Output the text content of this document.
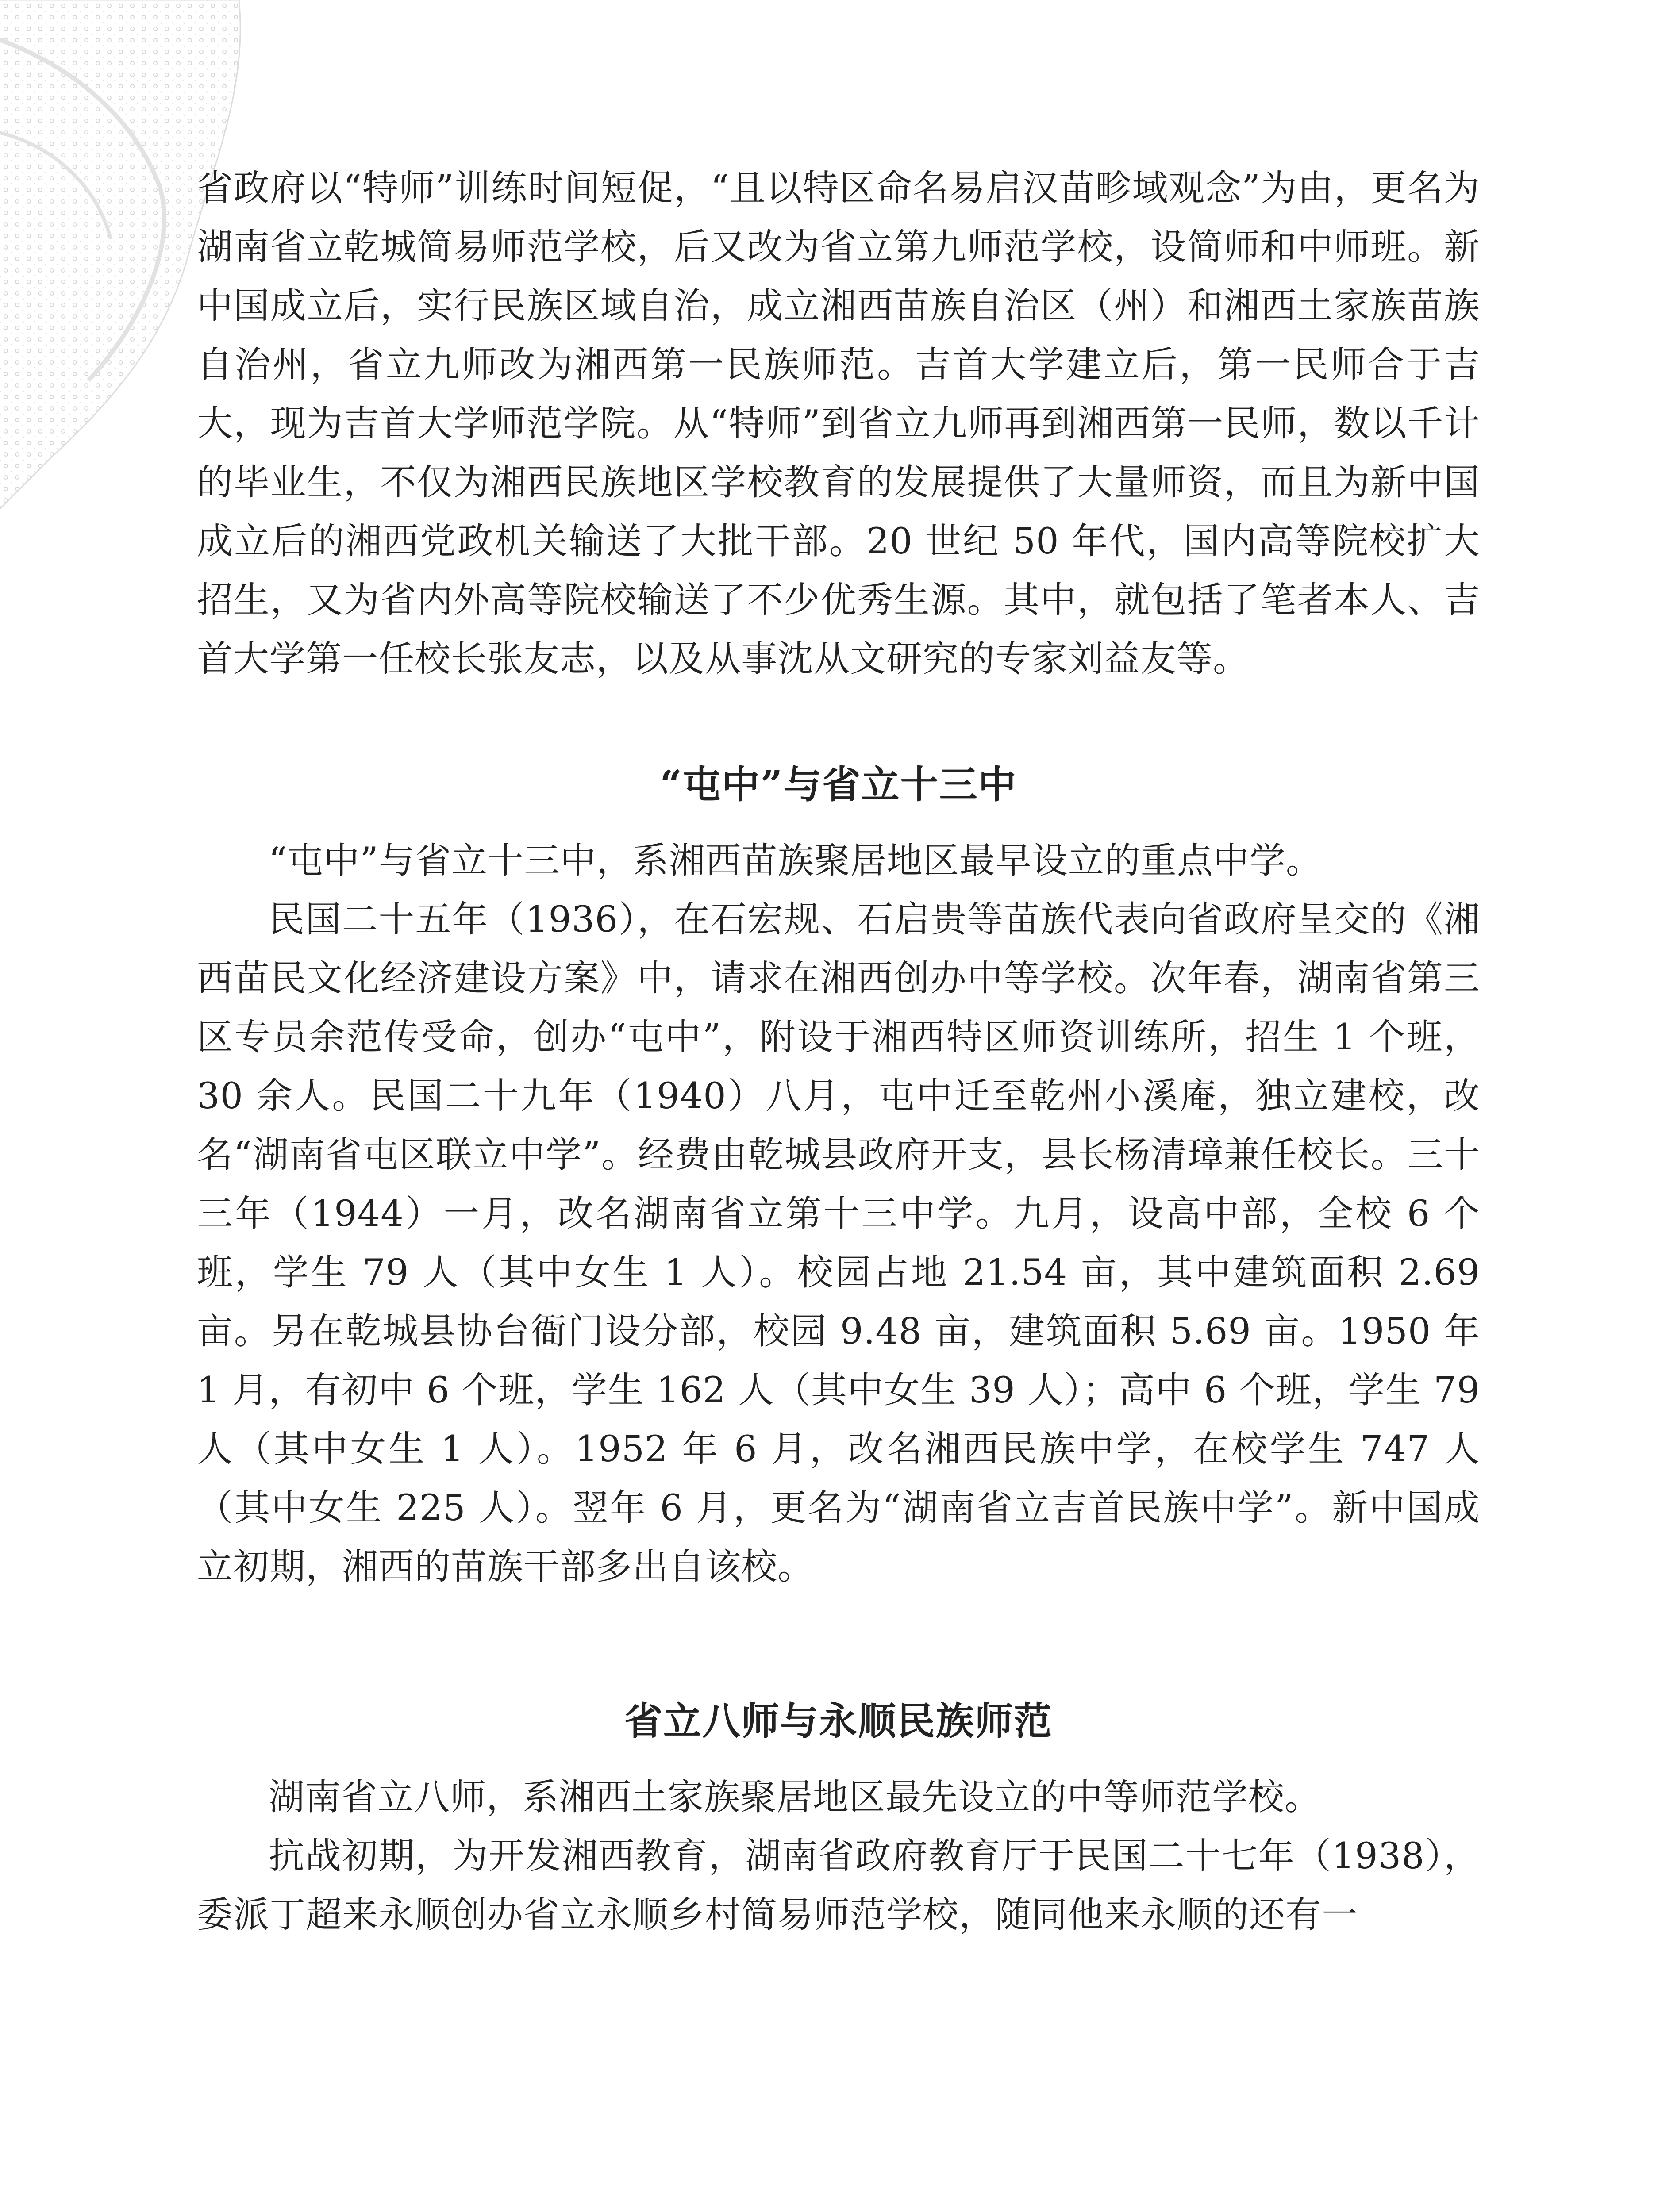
省政府以“特师”训练时间短促，“且以特区命名易启汉苗畛域观念”为由，更名为湖南省立乾城简易师范学校，后又改为省立第九师范学校，设简师和中师班。新中国成立后，实行民族区域自治，成立湘西苗族自治区（州）和湘西土家族苗族自治州，省立九师改为湘西第一民族师范。吉首大学建立后，第一民师合于吉大，现为吉首大学师范学院。从“特师”到省立九师再到湘西第一民师，数以千计的毕业生，不仅为湘西民族地区学校教育的发展提供了大量师资，而且为新中国成立后的湘西党政机关输送了大批干部。20 世纪 50 年代，国内高等院校扩大招生，又为省内外高等院校输送了不少优秀生源。其中，就包括了笔者本人、吉首大学第一任校长张友志，以及从事沈从文研究的专家刘益友等。

“屯中”与省立十三中

“屯中”与省立十三中，系湘西苗族聚居地区最早设立的重点中学。

民国二十五年（1936），在石宏规、石启贵等苗族代表向省政府呈交的《湘西苗民文化经济建设方案》中，请求在湘西创办中等学校。次年春，湖南省第三区专员余范传受命，创办“屯中”，附设于湘西特区师资训练所，招生 1 个班，30 余人。民国二十九年（1940）八月，屯中迁至乾州小溪庵，独立建校，改名“湖南省屯区联立中学”。经费由乾城县政府开支，县长杨清璋兼任校长。三十三年（1944）一月，改名湖南省立第十三中学。九月，设高中部，全校 6 个班，学生 79 人（其中女生 1 人）。校园占地 21.54 亩，其中建筑面积 2.69 亩。另在乾城县协台衙门设分部，校园 9.48 亩，建筑面积 5.69 亩。1950 年 1 月，有初中 6 个班，学生 162 人（其中女生 39 人）；高中 6 个班，学生 79 人（其中女生 1 人）。1952 年 6 月，改名湘西民族中学，在校学生 747 人（其中女生 225 人）。翌年 6 月，更名为“湖南省立吉首民族中学”。新中国成立初期，湘西的苗族干部多出自该校。

省立八师与永顺民族师范

湖南省立八师，系湘西土家族聚居地区最先设立的中等师范学校。

抗战初期，为开发湘西教育，湖南省政府教育厅于民国二十七年（1938），委派丁超来永顺创办省立永顺乡村简易师范学校，随同他来永顺的还有一
